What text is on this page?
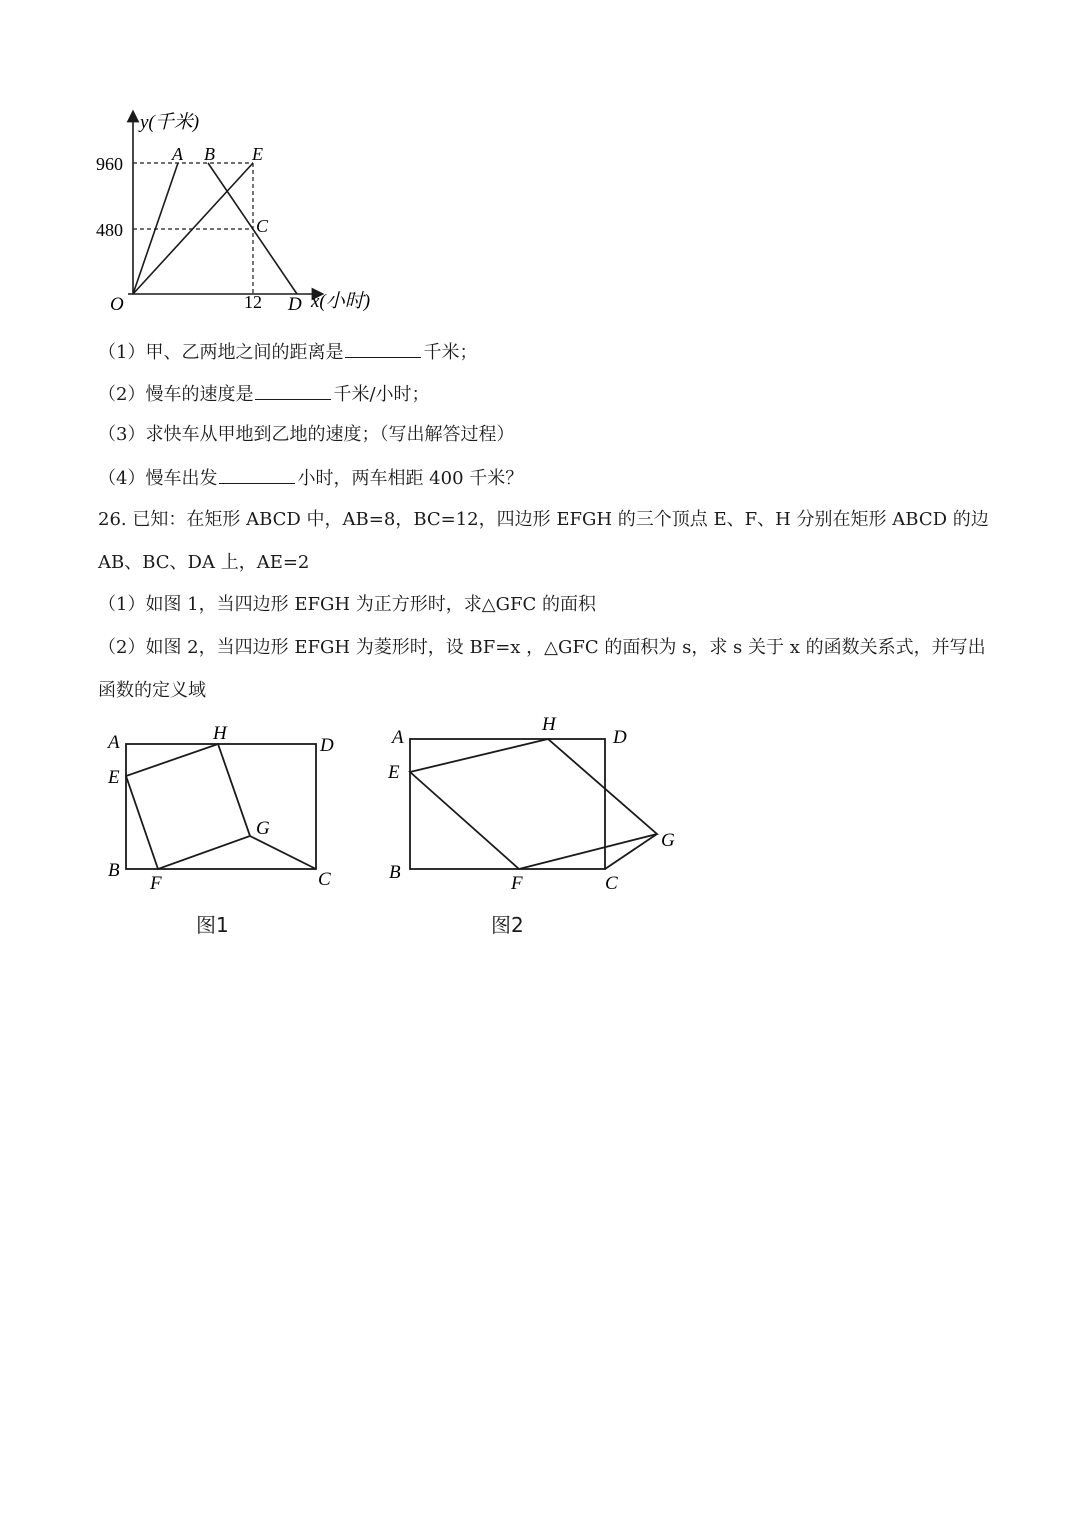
y(千米)
960
480
12
O
A B E
C
D x(小时)
（1）甲、乙两地之间的距离是	千米；
（2）慢车的速度是	千米/小时；
（3）求快车从甲地到乙地的速度；（写出解答过程）
（4）慢车出发	小时，两车相距 400 千米？
26. 已知：在矩形 ABCD 中，AB=8，BC=12，四边形 EFGH 的三个顶点 E、F、H 分别在矩形 ABCD 的边
AB、BC、DA 上，AE=2
（1）如图 1，当四边形 EFGH 为正方形时，求△GFC 的面积
（2）如图 2，当四边形 EFGH 为菱形时，设 BF=x ，△GFC 的面积为 s，求 s 关于 x 的函数关系式，并写出
函数的定义域
A
E
B
F	C
D
H
G
图1
A
E
B
F	C
D
H
G
图2
